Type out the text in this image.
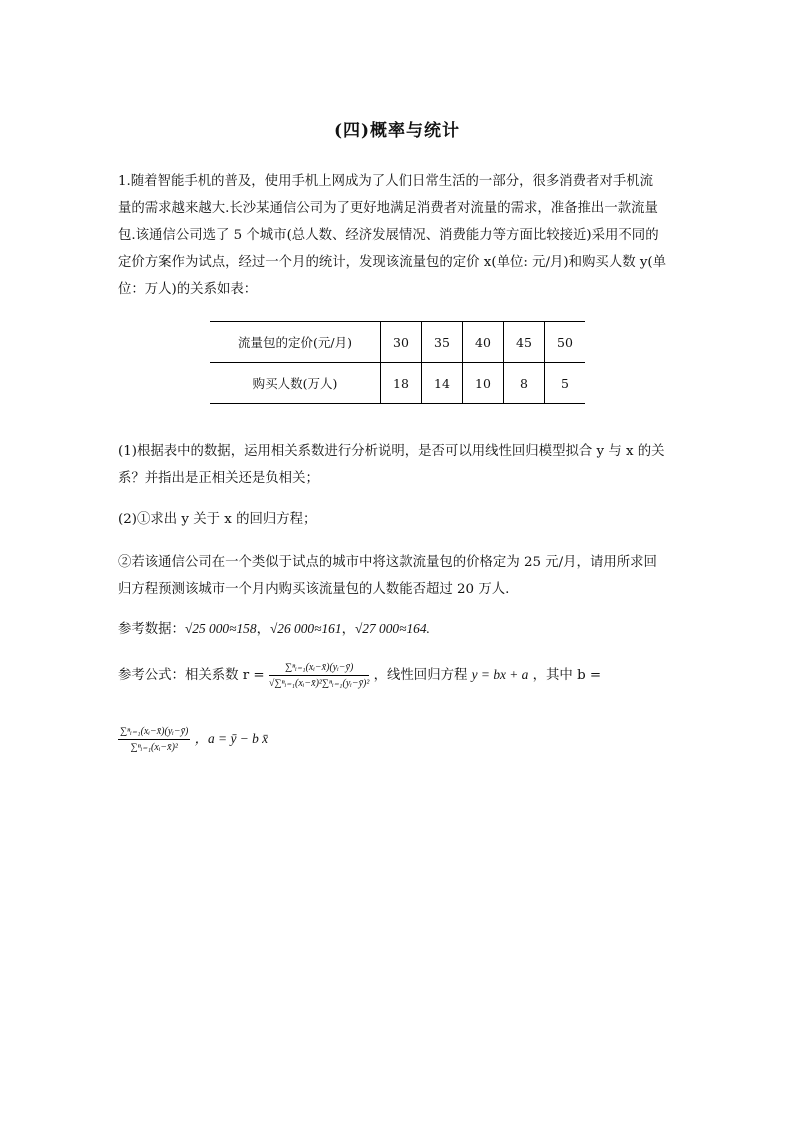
(四)概率与统计
1.随着智能手机的普及，使用手机上网成为了人们日常生活的一部分，很多消费者对手机流
量的需求越来越大.长沙某通信公司为了更好地满足消费者对流量的需求，准备推出一款流量
包.该通信公司选了 5 个城市(总人数、经济发展情况、消费能力等方面比较接近)采用不同的
定价方案作为试点，经过一个月的统计，发现该流量包的定价 x(单位: 元/月)和购买人数 y(单
位：万人)的关系如表：
流量包的定价(元/月)	30	35	40	45	50
购买人数(万人)	18	14	10	8	5
(1)根据表中的数据，运用相关系数进行分析说明，是否可以用线性回归模型拟合 y 与 x 的关
系？并指出是正相关还是负相关；
(2)①求出 y 关于 x 的回归方程；
②若该通信公司在一个类似于试点的城市中将这款流量包的价格定为 25 元/月，请用所求回
归方程预测该城市一个月内购买该流量包的人数能否超过 20 万人.
参考数据：√25 000≈158，√26 000≈161，√27 000≈164.
参考公式：相关系数 $r = \frac{\text{∑ⁿᵢ₌₁(xᵢ−x̄)(yᵢ−ȳ)}}{\text{√∑ⁿᵢ₌₁(xᵢ−x̄)²∑ⁿᵢ₌₁(yᵢ−ȳ)²}}$ ，线性回归方程 y = bx + a ，其中 b =
$\frac{\text{∑ⁿᵢ₌₁(xᵢ−x̄)(yᵢ−ȳ)}}{\text{∑ⁿᵢ₌₁(xᵢ−x̄)²}}$ ，a = ȳ − b x̄
